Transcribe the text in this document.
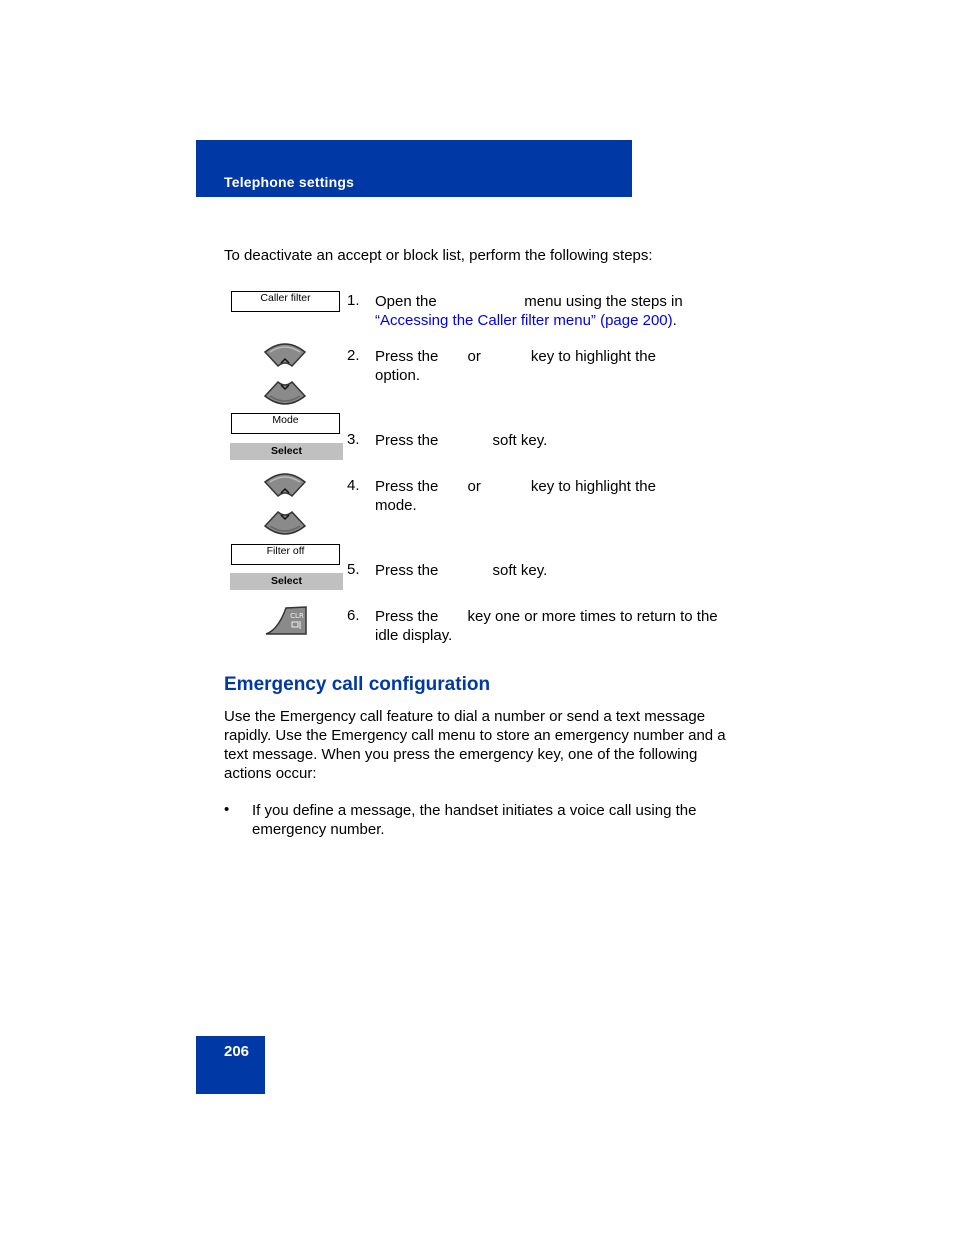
Telephone settings
To deactivate an accept or block list, perform the following steps:
Caller filter	1. Open the                     menu using the steps in
“Accessing the Caller filter menu” (page 200).
2. Press the       or            key to highlight the
option.
Mode
Select
3. Press the             soft key.
4. Press the       or            key to highlight the
mode.
Filter off
Select
5. Press the             soft key.
CLR	6. Press the       key one or more times to return to the
idle display.
Emergency call configuration
Use the Emergency call feature to dial a number or send a text message rapidly. Use the Emergency call menu to store an emergency number and a text message. When you press the emergency key, one of the following actions occur:
• If you define a message, the handset initiates a voice call using the emergency number.
206
